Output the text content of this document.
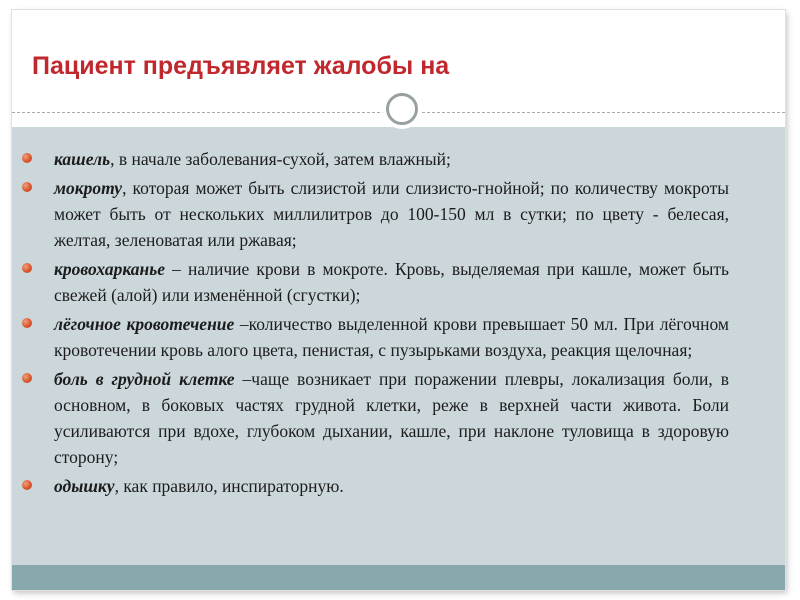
Пациент предъявляет жалобы на
кашель, в начале заболевания-сухой, затем влажный;
мокроту, которая может быть слизистой или слизисто-гнойной; по количеству мокроты может быть от нескольких миллилитров до 100-150 мл в сутки; по цвету - белесая, желтая, зеленоватая или ржавая;
кровохарканье – наличие крови в мокроте. Кровь, выделяемая при кашле, может быть свежей (алой) или изменённой (сгустки);
лёгочное кровотечение –количество выделенной крови превышает 50 мл. При лёгочном кровотечении кровь алого цвета, пенистая, с пузырьками воздуха, реакция щелочная;
боль в грудной клетке –чаще возникает при поражении плевры, локализация боли, в основном, в боковых частях грудной клетки, реже в верхней части живота. Боли усиливаются при вдохе, глубоком дыхании, кашле, при наклоне туловища в здоровую сторону;
одышку, как правило, инспираторную.
